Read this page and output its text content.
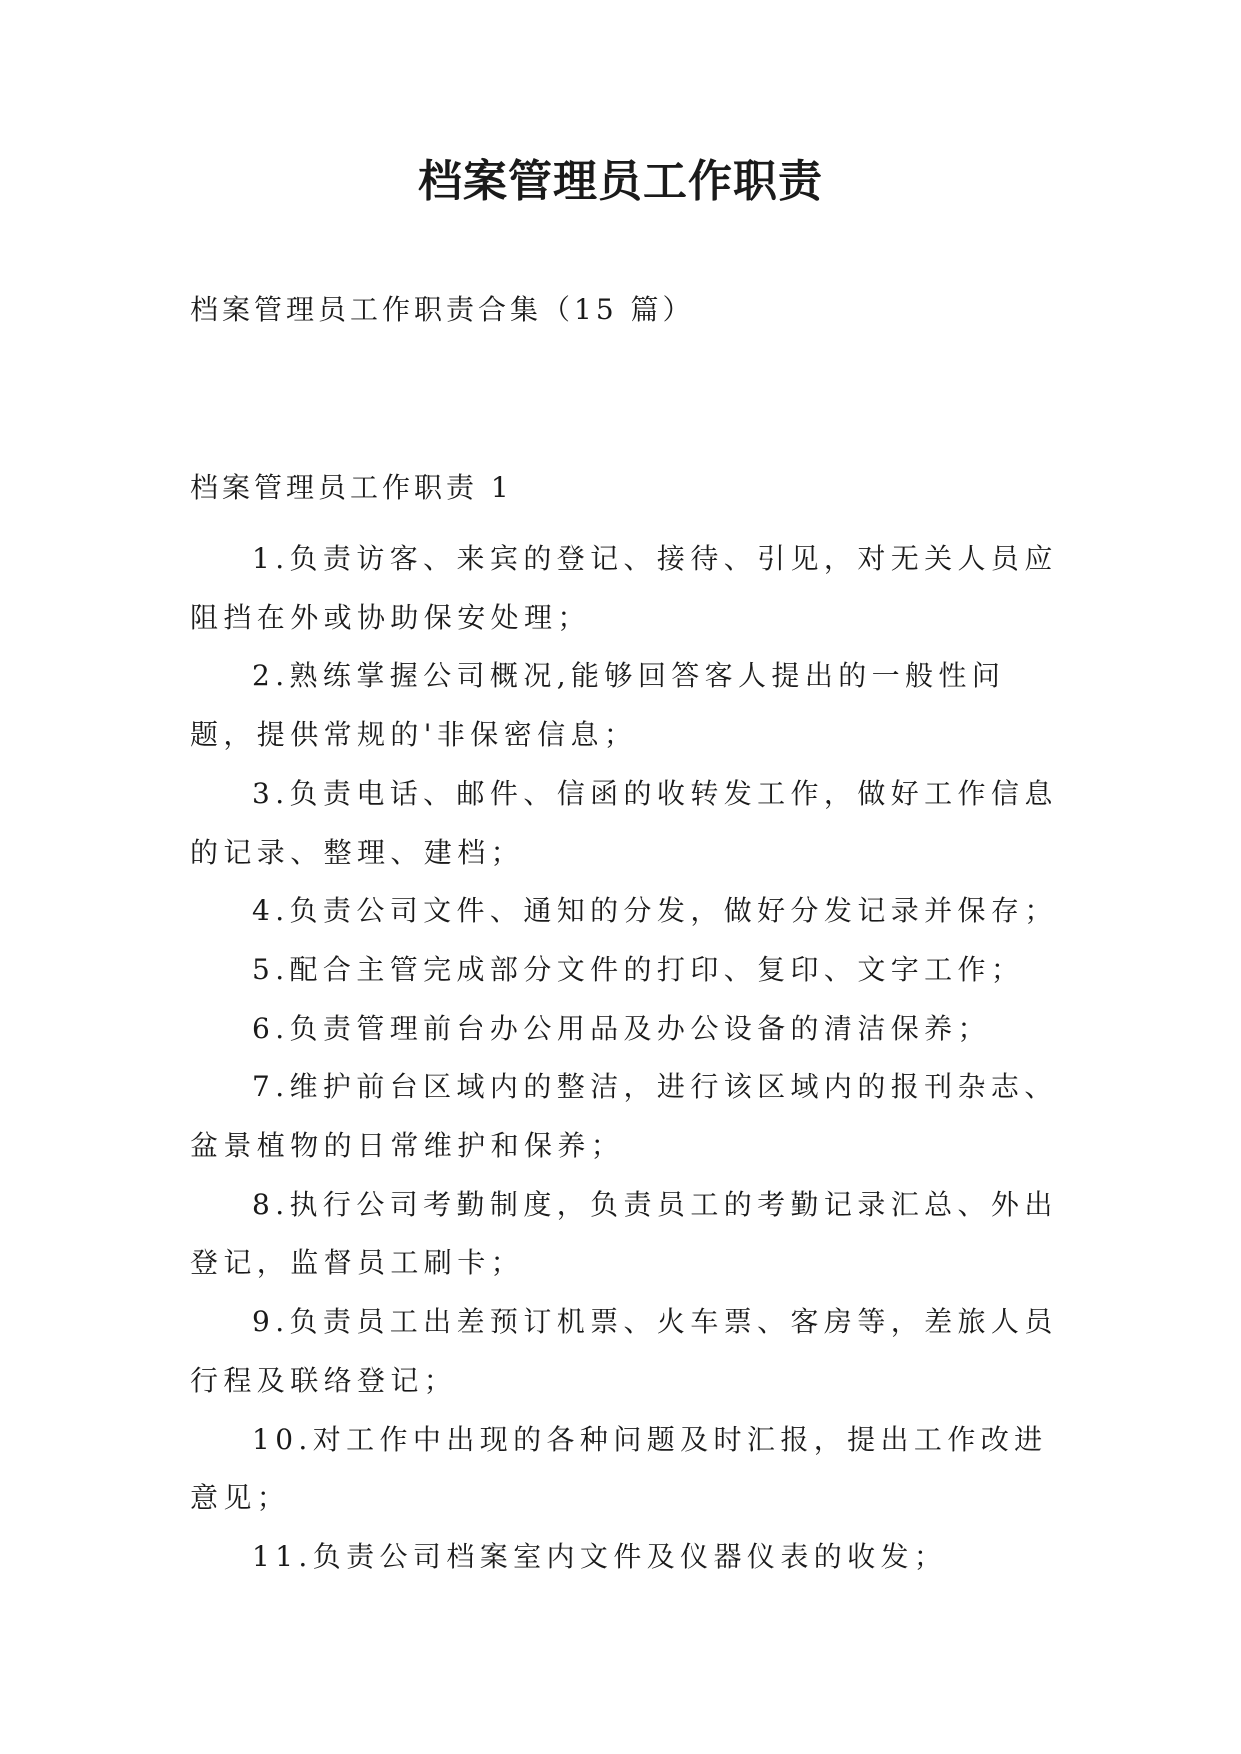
档案管理员工作职责

档案管理员工作职责合集（15 篇）

档案管理员工作职责 1

1.负责访客、来宾的登记、接待、引见，对无关人员应阻挡在外或协助保安处理；

2.熟练掌握公司概况,能够回答客人提出的一般性问题，提供常规的'非保密信息；

3.负责电话、邮件、信函的收转发工作，做好工作信息的记录、整理、建档；

4.负责公司文件、通知的分发，做好分发记录并保存；

5.配合主管完成部分文件的打印、复印、文字工作；

6.负责管理前台办公用品及办公设备的清洁保养；

7.维护前台区域内的整洁，进行该区域内的报刊杂志、盆景植物的日常维护和保养；

8.执行公司考勤制度，负责员工的考勤记录汇总、外出登记，监督员工刷卡；

9.负责员工出差预订机票、火车票、客房等，差旅人员行程及联络登记；

10.对工作中出现的各种问题及时汇报，提出工作改进意见；

11.负责公司档案室内文件及仪器仪表的收发；
